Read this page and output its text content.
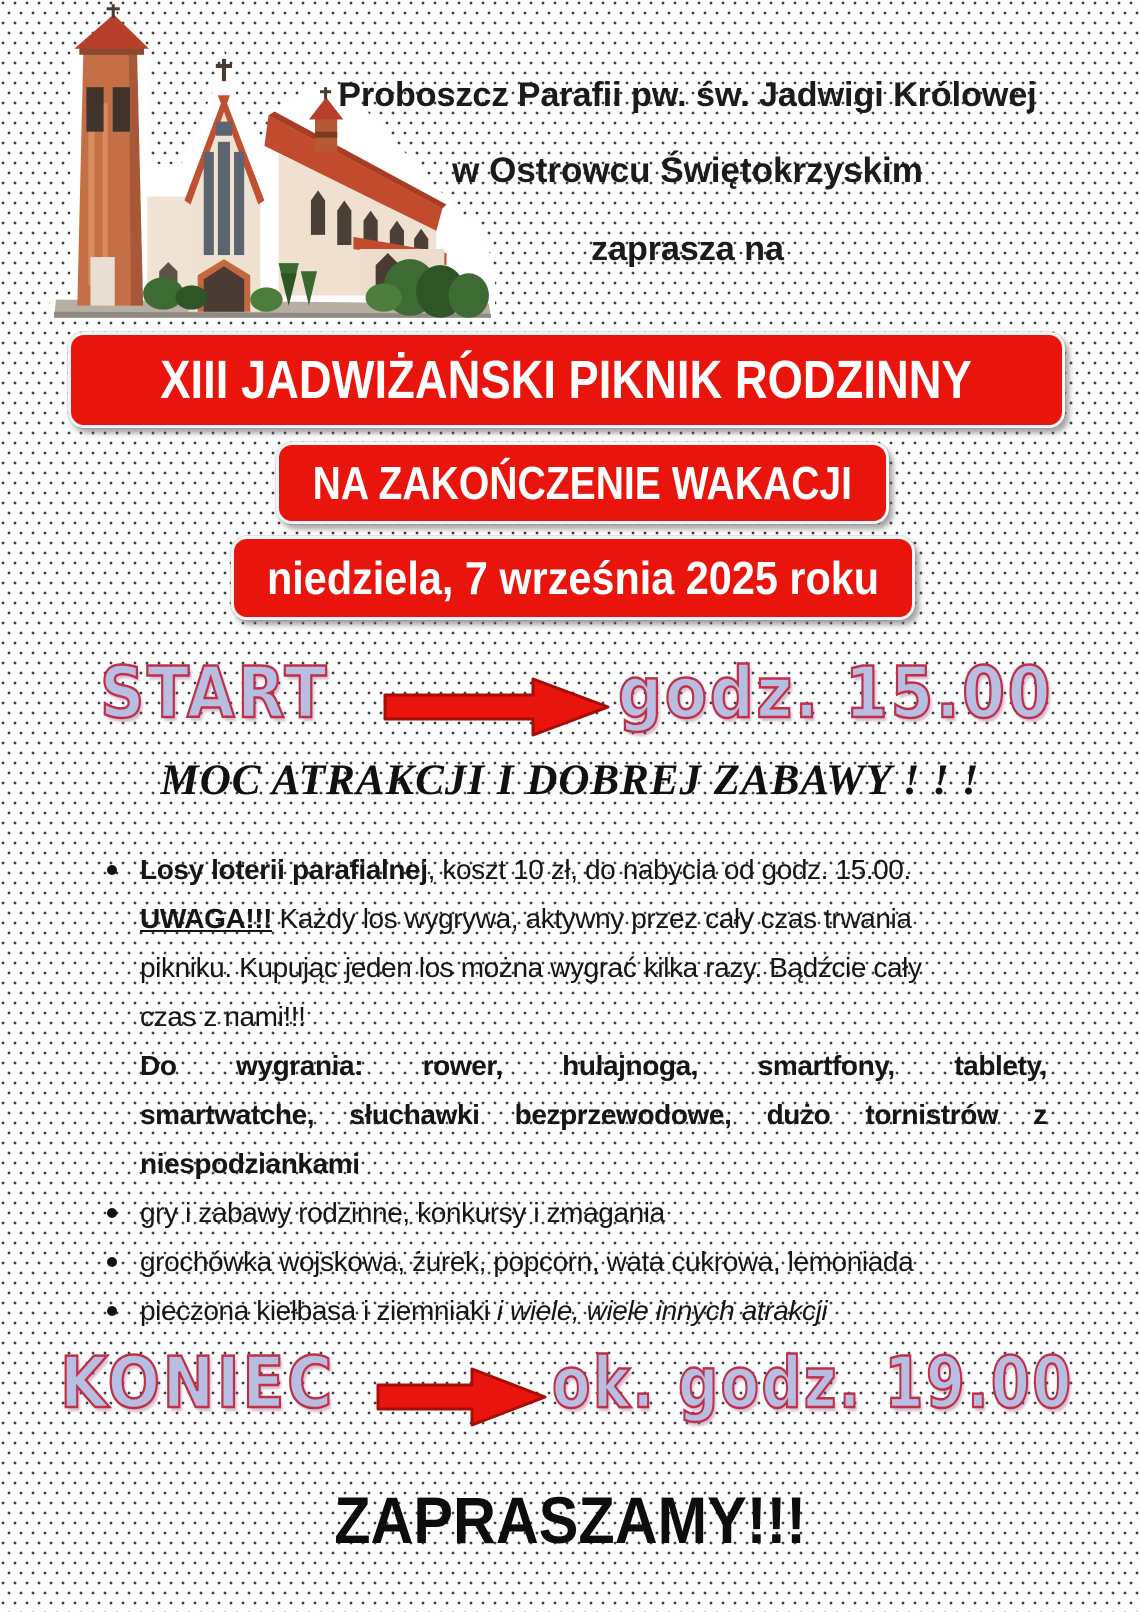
Proboszcz Parafii pw. św. Jadwigi Królowej
w Ostrowcu Świętokrzyskim
zaprasza na
XIII JADWIŻAŃSKI PIKNIK RODZINNY
NA ZAKOŃCZENIE WAKACJI
niedziela, 7 września 2025 roku
START	godz. 15.00
MOC ATRAKCJI I DOBREJ ZABAWY ! ! !
Losy loterii parafialnej, koszt 10 zł, do nabycia od godz. 15.00.
UWAGA!!! Każdy los wygrywa, aktywny przez cały czas trwania
pikniku. Kupując jeden los można wygrać kilka razy. Bądźcie cały
czas z nami!!!
Do wygrania: rower, hulajnoga, smartfony, tablety,
smartwatche, słuchawki bezprzewodowe, dużo tornistrów z
niespodziankami
gry i zabawy rodzinne, konkursy i zmagania
grochówka wojskowa, żurek, popcorn, wata cukrowa, lemoniada
pieczona kiełbasa i ziemniaki i wiele, wiele innych atrakcji
KONIEC	ok. godz. 19.00
ZAPRASZAMY!!!
